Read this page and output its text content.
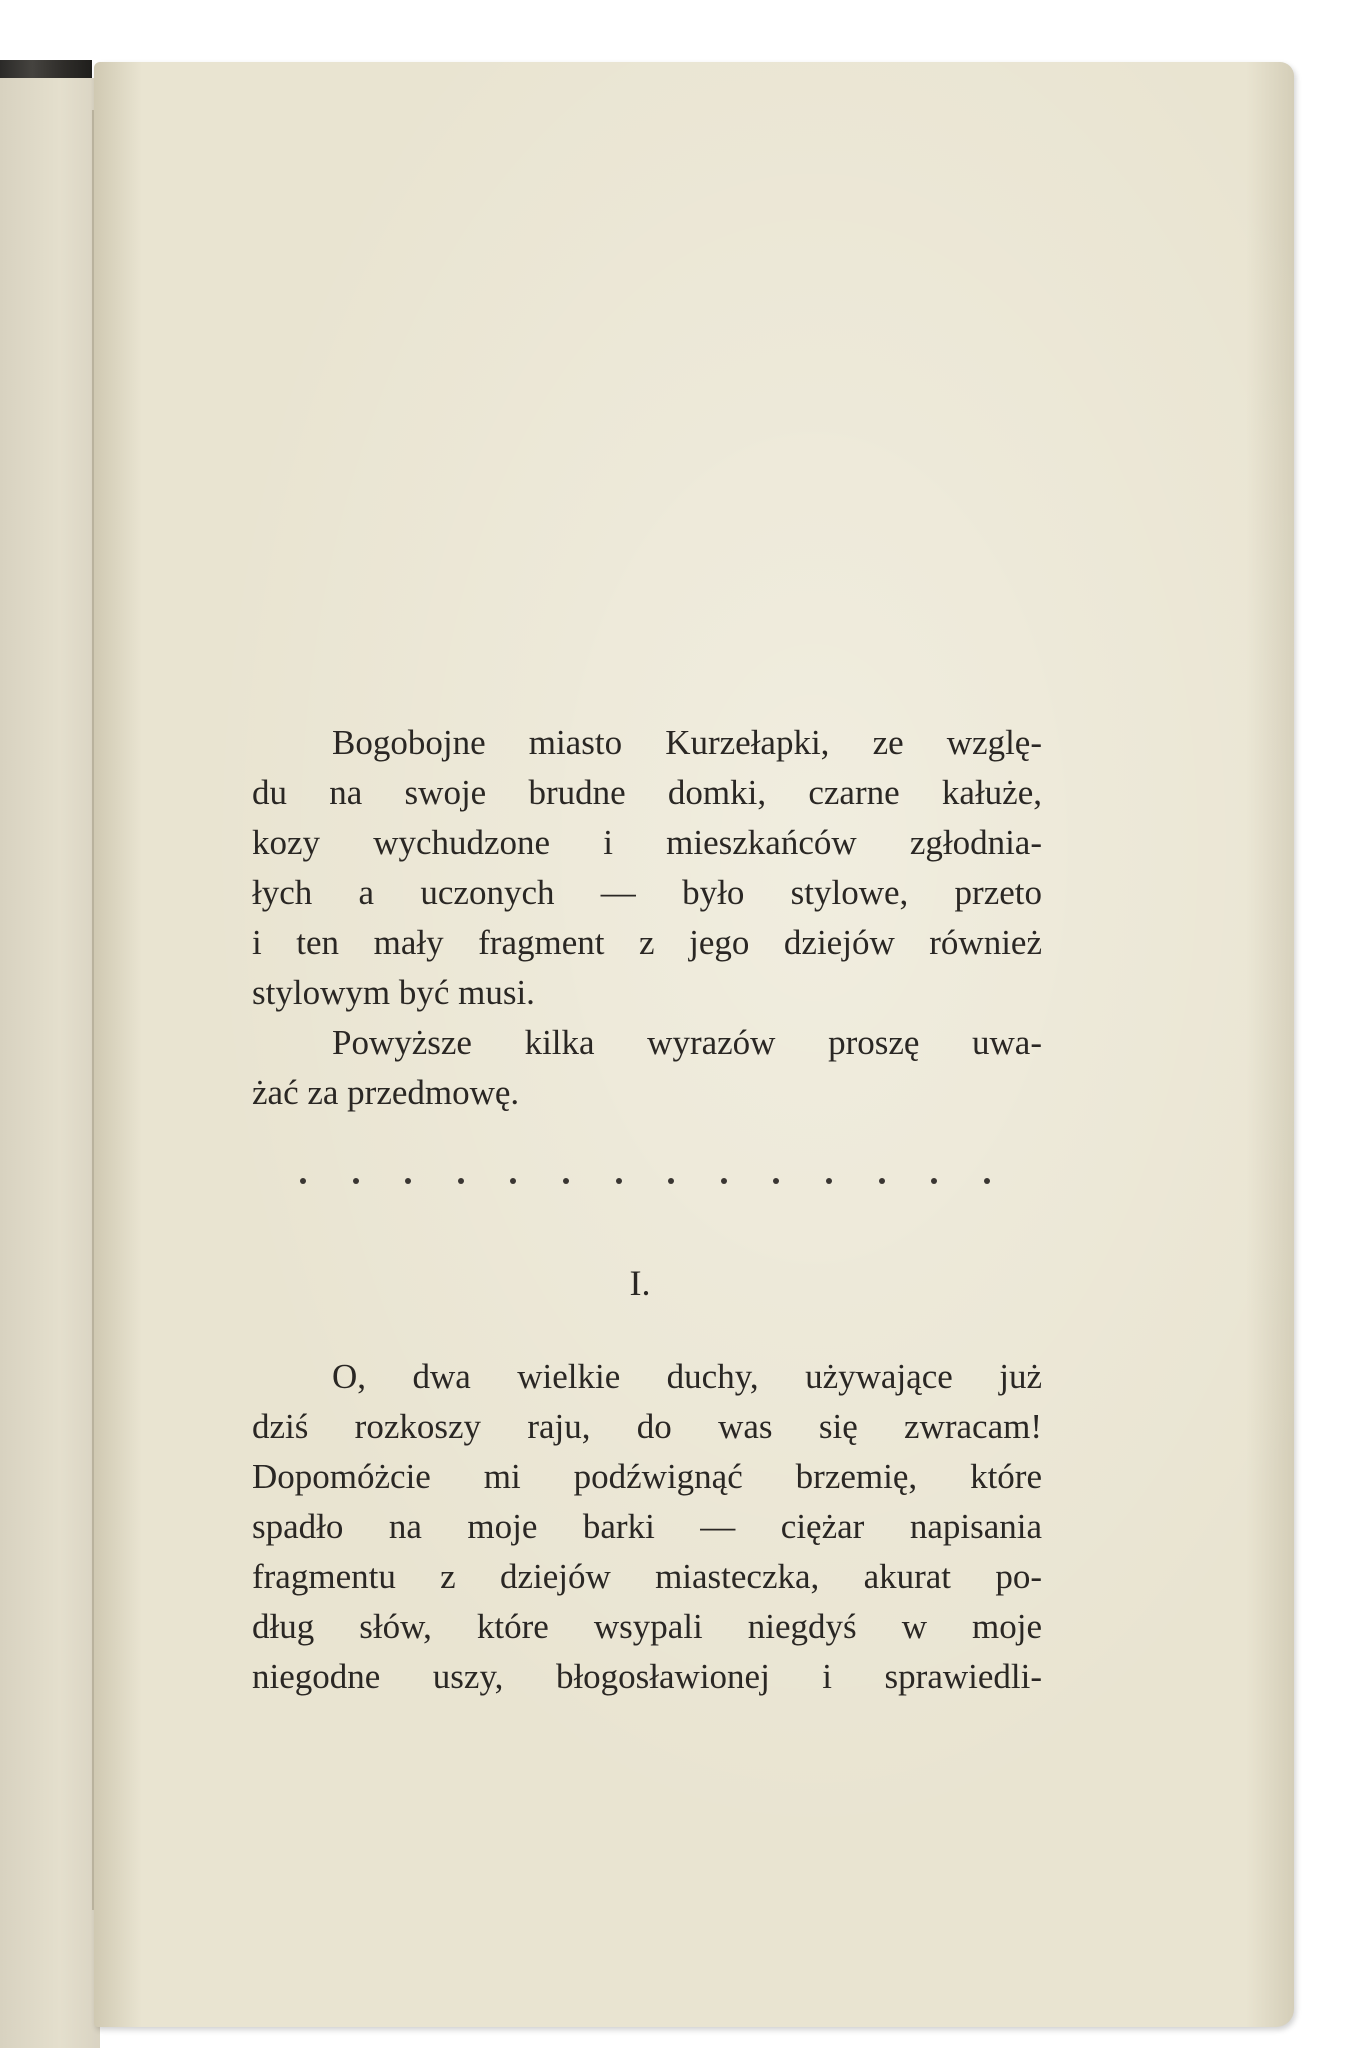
Bogobojne miasto Kurzełapki, ze wzglę-
du na swoje brudne domki, czarne kałuże,
kozy wychudzone i mieszkańców zgłodnia-
łych a uczonych — było stylowe, przeto
i ten mały fragment z jego dziejów również
stylowym być musi.

Powyższe kilka wyrazów proszę uwa-
żać za przedmowę.

I.

O, dwa wielkie duchy, używające już
dziś rozkoszy raju, do was się zwracam!
Dopomóżcie mi podźwignąć brzemię, które
spadło na moje barki — ciężar napisania
fragmentu z dziejów miasteczka, akurat po-
dług słów, które wsypali niegdyś w moje
niegodne uszy, błogosławionej i sprawiedli-
